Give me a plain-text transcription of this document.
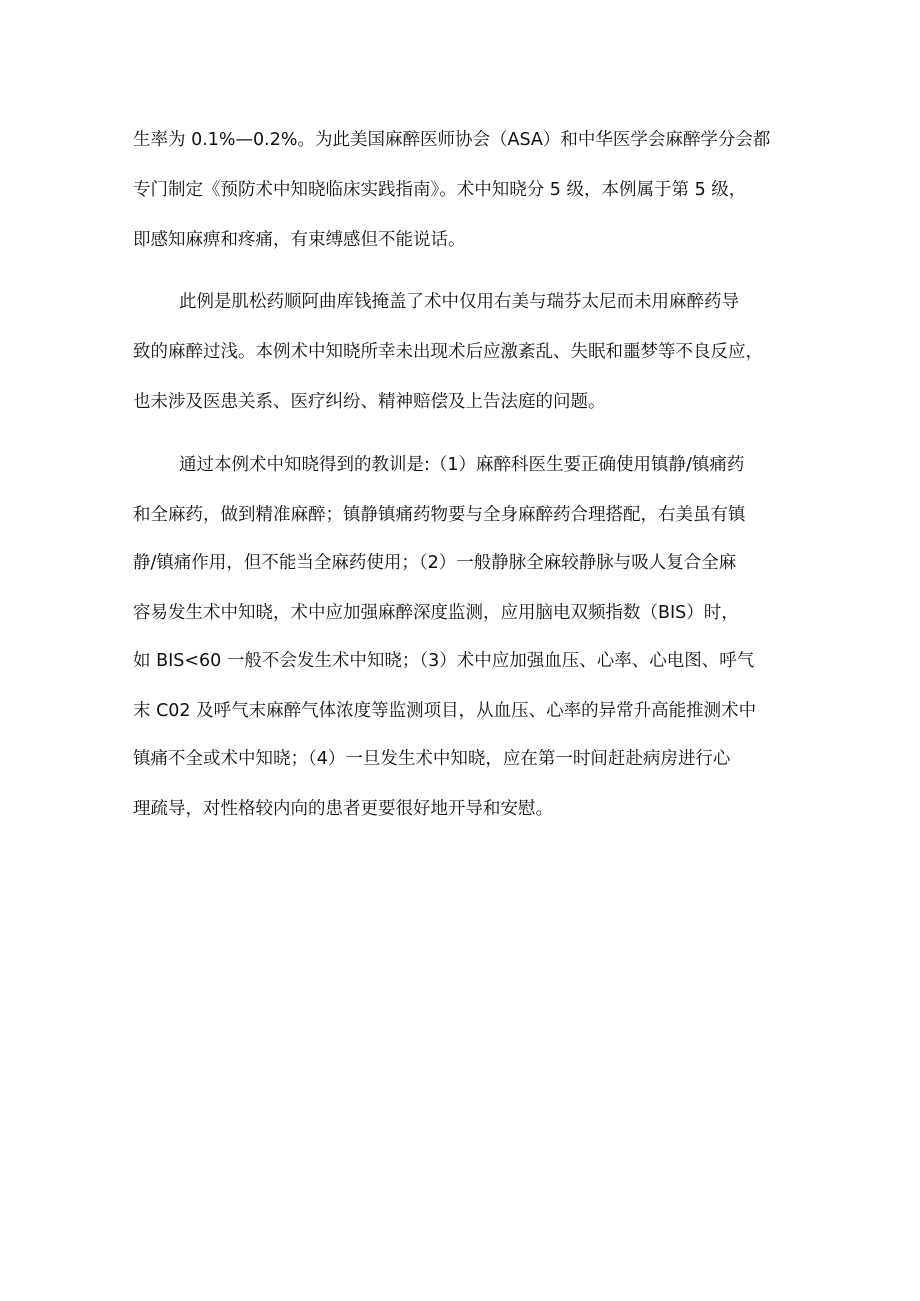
生率为 0.1%—0.2%。为此美国麻醉医师协会（ASA）和中华医学会麻醉学分会都
专门制定《预防术中知晓临床实践指南》。术中知晓分 5 级，本例属于第 5 级，
即感知麻痹和疼痛，有束缚感但不能说话。
此例是肌松药顺阿曲库钱掩盖了术中仅用右美与瑞芬太尼而未用麻醉药导
致的麻醉过浅。本例术中知晓所幸未出现术后应激紊乱、失眠和噩梦等不良反应，
也未涉及医患关系、医疗纠纷、精神赔偿及上告法庭的问题。
通过本例术中知晓得到的教训是:（1）麻醉科医生要正确使用镇静/镇痛药
和全麻药，做到精准麻醉；镇静镇痛药物要与全身麻醉药合理搭配，右美虽有镇
静/镇痛作用，但不能当全麻药使用；（2）一般静脉全麻较静脉与吸人复合全麻
容易发生术中知晓，术中应加强麻醉深度监测，应用脑电双频指数（BIS）时，
如 BIS<60 一般不会发生术中知晓；（3）术中应加强血压、心率、心电图、呼气
末 C02 及呼气末麻醉气体浓度等监测项目，从血压、心率的异常升高能推测术中
镇痛不全或术中知晓；（4）一旦发生术中知晓，应在第一时间赶赴病房进行心
理疏导，对性格较内向的患者更要很好地开导和安慰。
